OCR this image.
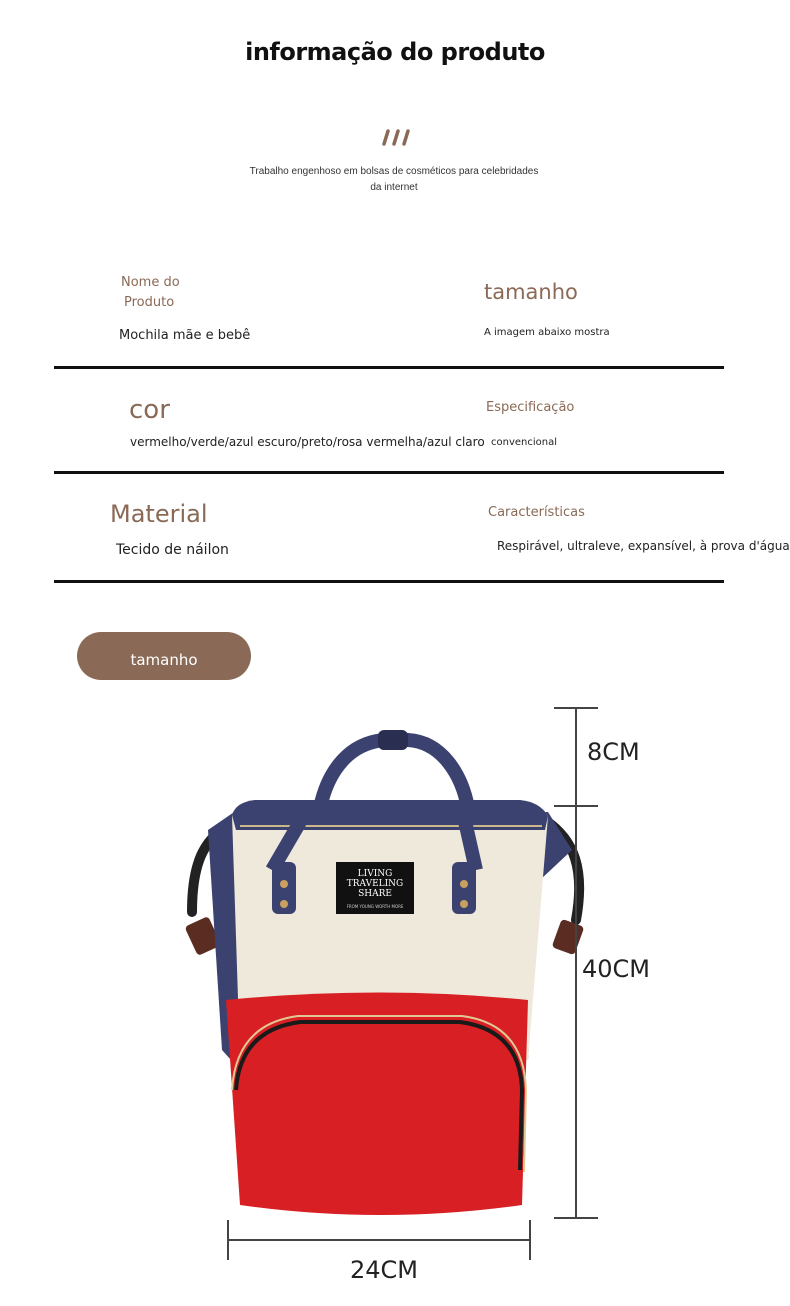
informação do produto
Trabalho engenhoso em bolsas de cosméticos para celebridades da internet
Nome do
Produto
Mochila mãe e bebê
tamanho
A imagem abaixo mostra
cor
vermelho/verde/azul escuro/preto/rosa vermelha/azul claro
Especificação
convencional
Material
Tecido de náilon
Características
Respirável, ultraleve, expansível, à prova d'água
tamanho
LIVING
TRAVELING
SHARE
FROM YOUNG WORTH MORE
8CM
40CM
24CM
